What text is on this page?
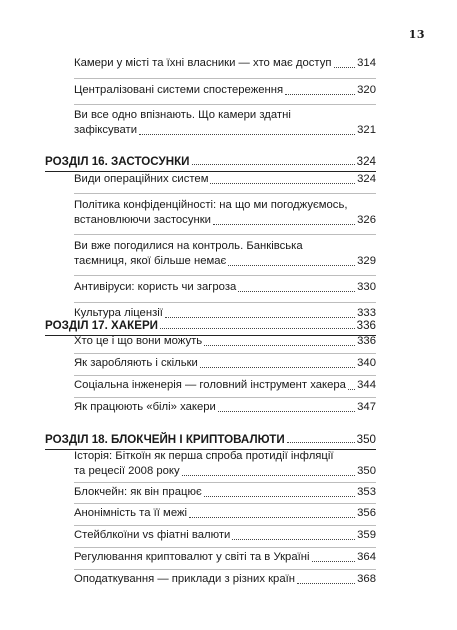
13
Камери у місті та їхні власники — хто має доступ 314
Централізовані системи спостереження	320
Ви все одно впізнають. Що камери здатні
зафіксувати	321
РОЗДІЛ 16. ЗАСТОСУНКИ	324
Види операційних систем	324
Політика конфіденційності: на що ми погоджуємось,
встановлюючи застосунки	326
Ви вже погодилися на контроль. Банківська
таємниця, якої більше немає	329
Антивіруси: користь чи загроза	330
Культура ліцензії	333
РОЗДІЛ 17. ХАКЕРИ	336
Хто це і що вони можуть	336
Як заробляють і скільки	340
Соціальна інженерія — головний інструмент хакера 344
Як працюють «білі» хакери	347
РОЗДІЛ 18. БЛОКЧЕЙН І КРИПТОВАЛЮТИ	350
Історія: Біткоїн як перша спроба протидії інфляції
та рецесії 2008 року	350
Блокчейн: як він працює	353
Анонімність та її межі	356
Стейблкоїни vs фіатні валюти	359
Регулювання криптовалют у світі та в Україні	364
Оподаткування — приклади з різних країн	368
